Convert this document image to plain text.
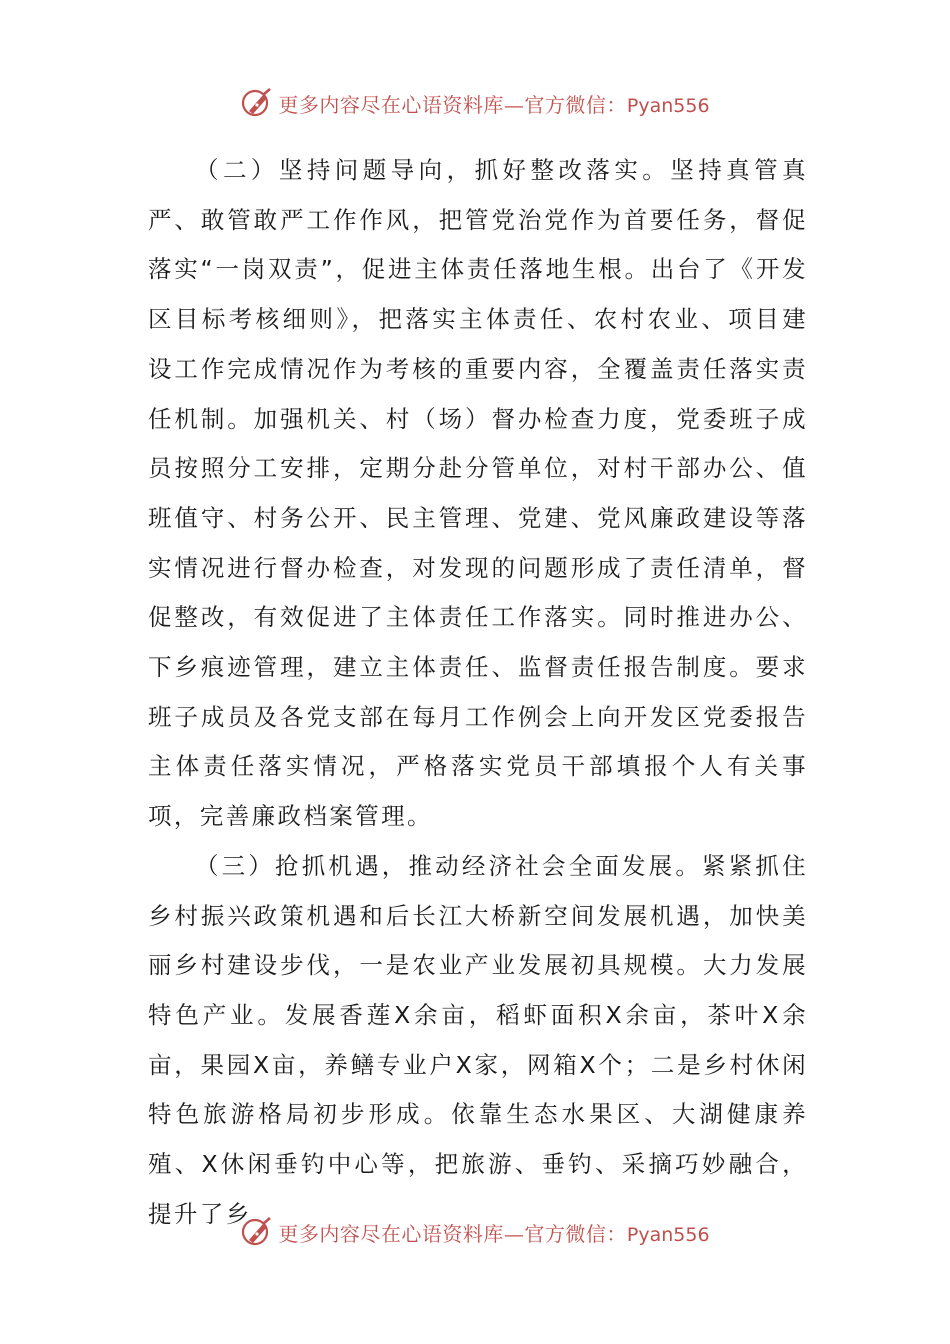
更多内容尽在心语资料库—官方微信：Pyan556

（二）坚持问题导向，抓好整改落实。坚持真管真严、敢管敢严工作作风，把管党治党作为首要任务，督促落实“一岗双责”，促进主体责任落地生根。出台了《开发区目标考核细则》，把落实主体责任、农村农业、项目建设工作完成情况作为考核的重要内容，全覆盖责任落实责任机制。加强机关、村（场）督办检查力度，党委班子成员按照分工安排，定期分赴分管单位，对村干部办公、值班值守、村务公开、民主管理、党建、党风廉政建设等落实情况进行督办检查，对发现的问题形成了责任清单，督促整改，有效促进了主体责任工作落实。同时推进办公、下乡痕迹管理，建立主体责任、监督责任报告制度。要求班子成员及各党支部在每月工作例会上向开发区党委报告主体责任落实情况，严格落实党员干部填报个人有关事项，完善廉政档案管理。

（三）抢抓机遇，推动经济社会全面发展。紧紧抓住乡村振兴政策机遇和后长江大桥新空间发展机遇，加快美丽乡村建设步伐，一是农业产业发展初具规模。大力发展特色产业。发展香莲X余亩，稻虾面积X余亩，茶叶X余亩，果园X亩，养鳝专业户X家，网箱X个；二是乡村休闲特色旅游格局初步形成。依靠生态水果区、大湖健康养殖、X休闲垂钓中心等，把旅游、垂钓、采摘巧妙融合，提升了乡

更多内容尽在心语资料库—官方微信：Pyan556
